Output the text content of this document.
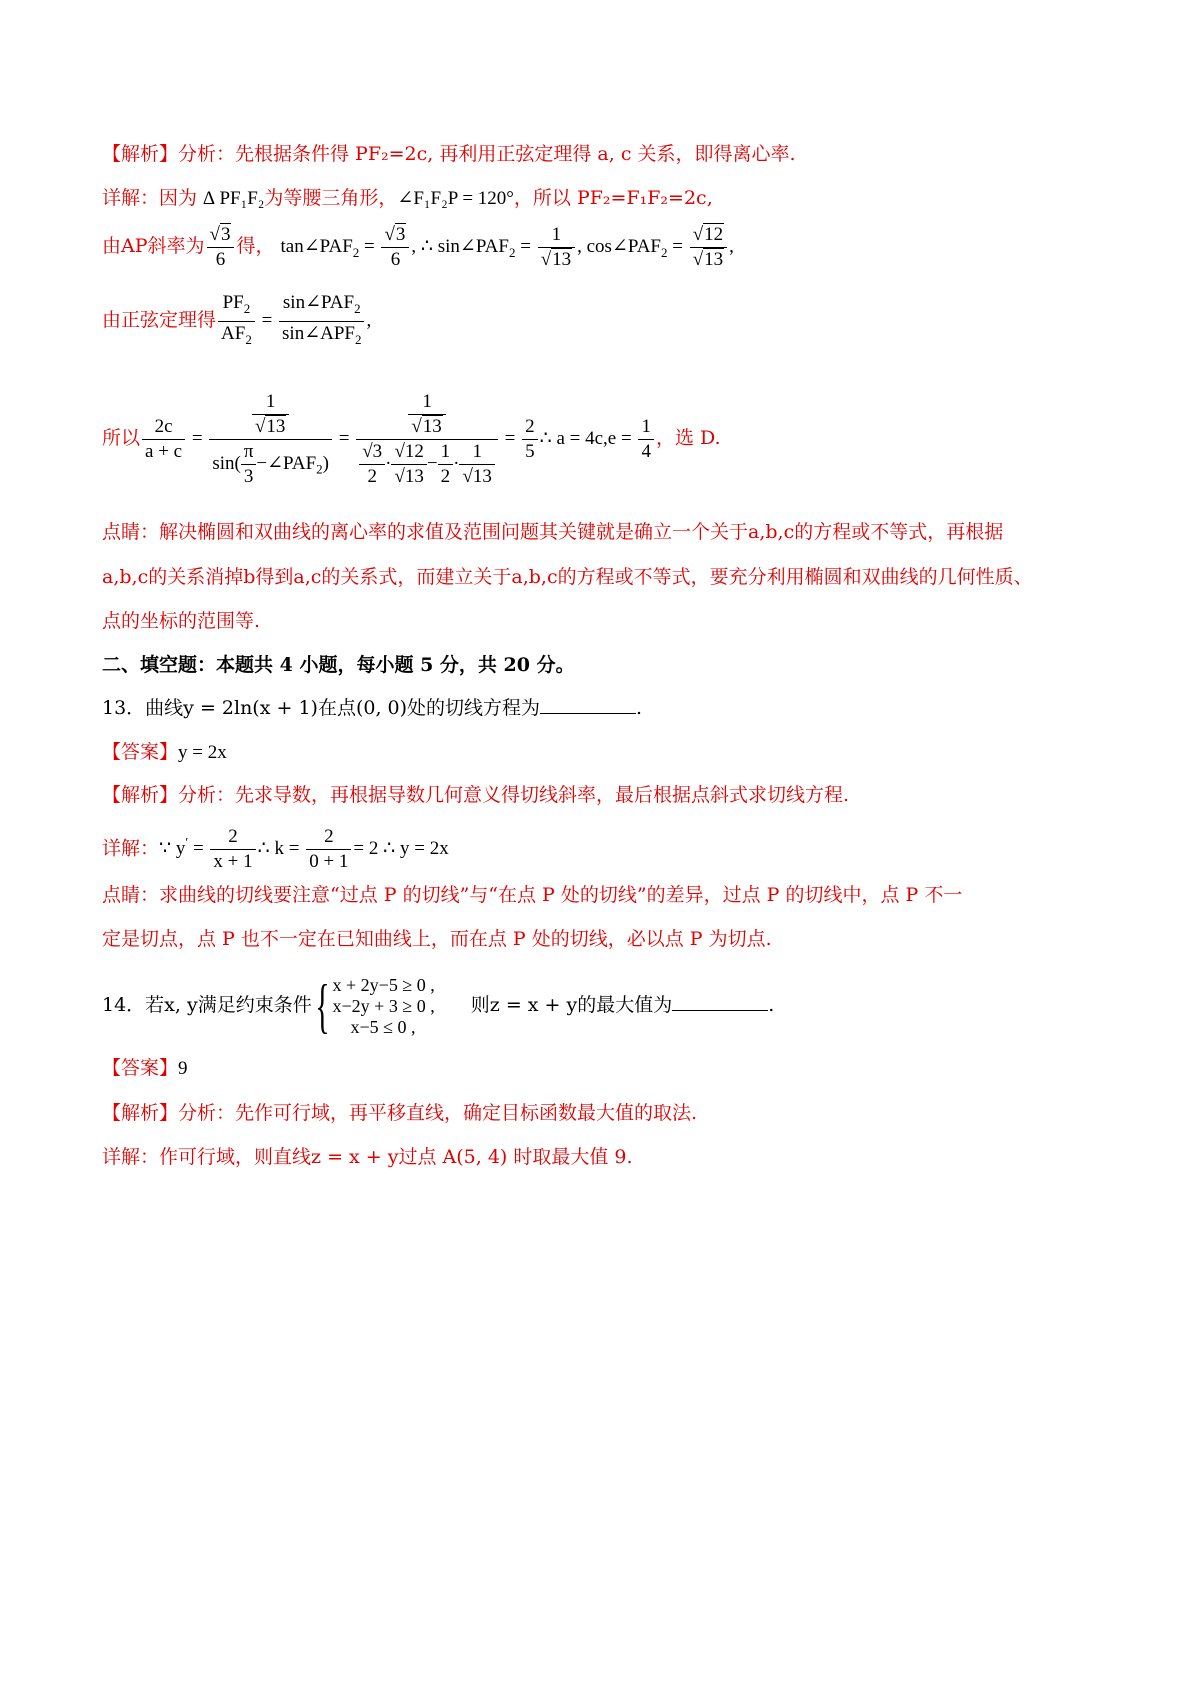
【解析】分析：先根据条件得 PF₂=2c, 再利用正弦定理得 a, c 关系，即得离心率.
详解：因为 ∆ PF₁F₂为等腰三角形，∠F₁F₂P = 120°，所以 PF₂=F₁F₂=2c,
由AP斜率为 $\frac{√3}{6}$ 得， $\tan\angle PAF_2 = \frac{√3}{6}$ , ∴ $\sin\angle PAF_2 = \frac{1}{√13}$ , $\cos\angle PAF_2 = \frac{√12}{√13}$ ,
由正弦定理得 $\frac{PF_2}{AF_2} = \frac{\sin\angle PAF_2}{\sin\angle APF_2}$ ,
所以 $\frac{2c}{a + c} = \frac{\frac{1}{√13}}{\sin( \frac{\pi}{3} -\angle PAF_2)} = \frac{\frac{1}{√13}}{\frac{√3}{2} \cdot \frac{√12}{√13} - \frac{1}{2} \cdot \frac{1}{√13}} = \frac{2}{5}$ ∴ $a = 4c,e = \frac{1}{4}$ ，选 D.
点睛：解决椭圆和双曲线的离心率的求值及范围问题其关键就是确立一个关于a,b,c的方程或不等式，再根据
a,b,c的关系消掉b得到a,c的关系式，而建立关于a,b,c的方程或不等式，要充分利用椭圆和双曲线的几何性质、
点的坐标的范围等.
二、填空题：本题共 4 小题，每小题 5 分，共 20 分。
13．曲线y = 2ln(x + 1)在点(0, 0)处的切线方程为	.
【答案】y = 2x
【解析】分析：先求导数，再根据导数几何意义得切线斜率，最后根据点斜式求切线方程.
详解：∵ $y' = \frac{2}{x + 1}$ ∴ $k = \frac{2}{0 + 1} = 2$ ∴ y = 2x
点睛：求曲线的切线要注意“过点 P 的切线”与“在点 P 处的切线”的差异，过点 P 的切线中，点 P 不一
定是切点，点 P 也不一定在已知曲线上，而在点 P 处的切线，必以点 P 为切点.
14．若x, y满足约束条件{ x + 2y−5 ≥ 0 ,
x−2y + 3 ≥ 0 ,
x−5 ≤ 0 ,
则z = x + y的最大值为	.
【答案】9
【解析】分析：先作可行域，再平移直线，确定目标函数最大值的取法.
详解：作可行域，则直线z = x + y过点 A(5, 4) 时取最大值 9.
